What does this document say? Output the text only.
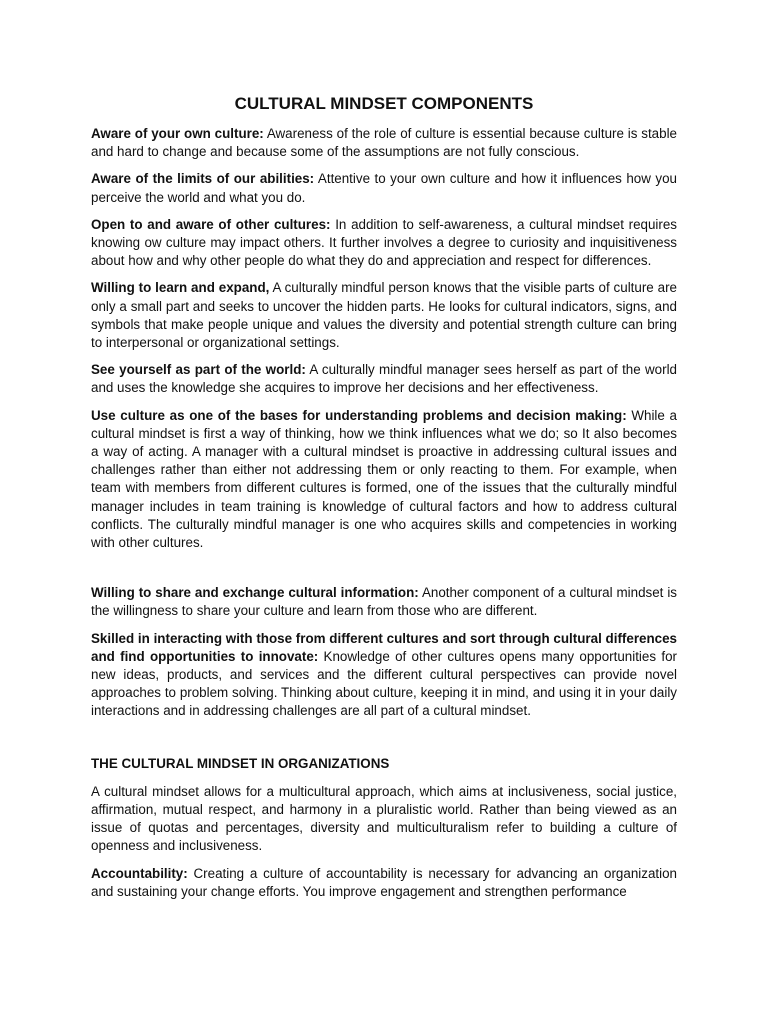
CULTURAL MINDSET COMPONENTS

Aware of your own culture: Awareness of the role of culture is essential because culture is stable and hard to change and because some of the assumptions are not fully conscious.

Aware of the limits of our abilities: Attentive to your own culture and how it influences how you perceive the world and what you do.

Open to and aware of other cultures: In addition to self-awareness, a cultural mindset requires knowing ow culture may impact others. It further involves a degree to curiosity and inquisitiveness about how and why other people do what they do and appreciation and respect for differences.

Willing to learn and expand, A culturally mindful person knows that the visible parts of culture are only a small part and seeks to uncover the hidden parts. He looks for cultural indicators, signs, and symbols that make people unique and values the diversity and potential strength culture can bring to interpersonal or organizational settings.

See yourself as part of the world: A culturally mindful manager sees herself as part of the world and uses the knowledge she acquires to improve her decisions and her effectiveness.

Use culture as one of the bases for understanding problems and decision making: While a cultural mindset is first a way of thinking, how we think influences what we do; so It also becomes a way of acting. A manager with a cultural mindset is proactive in addressing cultural issues and challenges rather than either not addressing them or only reacting to them. For example, when team with members from different cultures is formed, one of the issues that the culturally mindful manager includes in team training is knowledge of cultural factors and how to address cultural conflicts. The culturally mindful manager is one who acquires skills and competencies in working with other cultures.

Willing to share and exchange cultural information: Another component of a cultural mindset is the willingness to share your culture and learn from those who are different.

Skilled in interacting with those from different cultures and sort through cultural differences and find opportunities to innovate: Knowledge of other cultures opens many opportunities for new ideas, products, and services and the different cultural perspectives can provide novel approaches to problem solving. Thinking about culture, keeping it in mind, and using it in your daily interactions and in addressing challenges are all part of a cultural mindset.

THE CULTURAL MINDSET IN ORGANIZATIONS

A cultural mindset allows for a multicultural approach, which aims at inclusiveness, social justice, affirmation, mutual respect, and harmony in a pluralistic world. Rather than being viewed as an issue of quotas and percentages, diversity and multiculturalism refer to building a culture of openness and inclusiveness.

Accountability: Creating a culture of accountability is necessary for advancing an organization and sustaining your change efforts. You improve engagement and strengthen performance
